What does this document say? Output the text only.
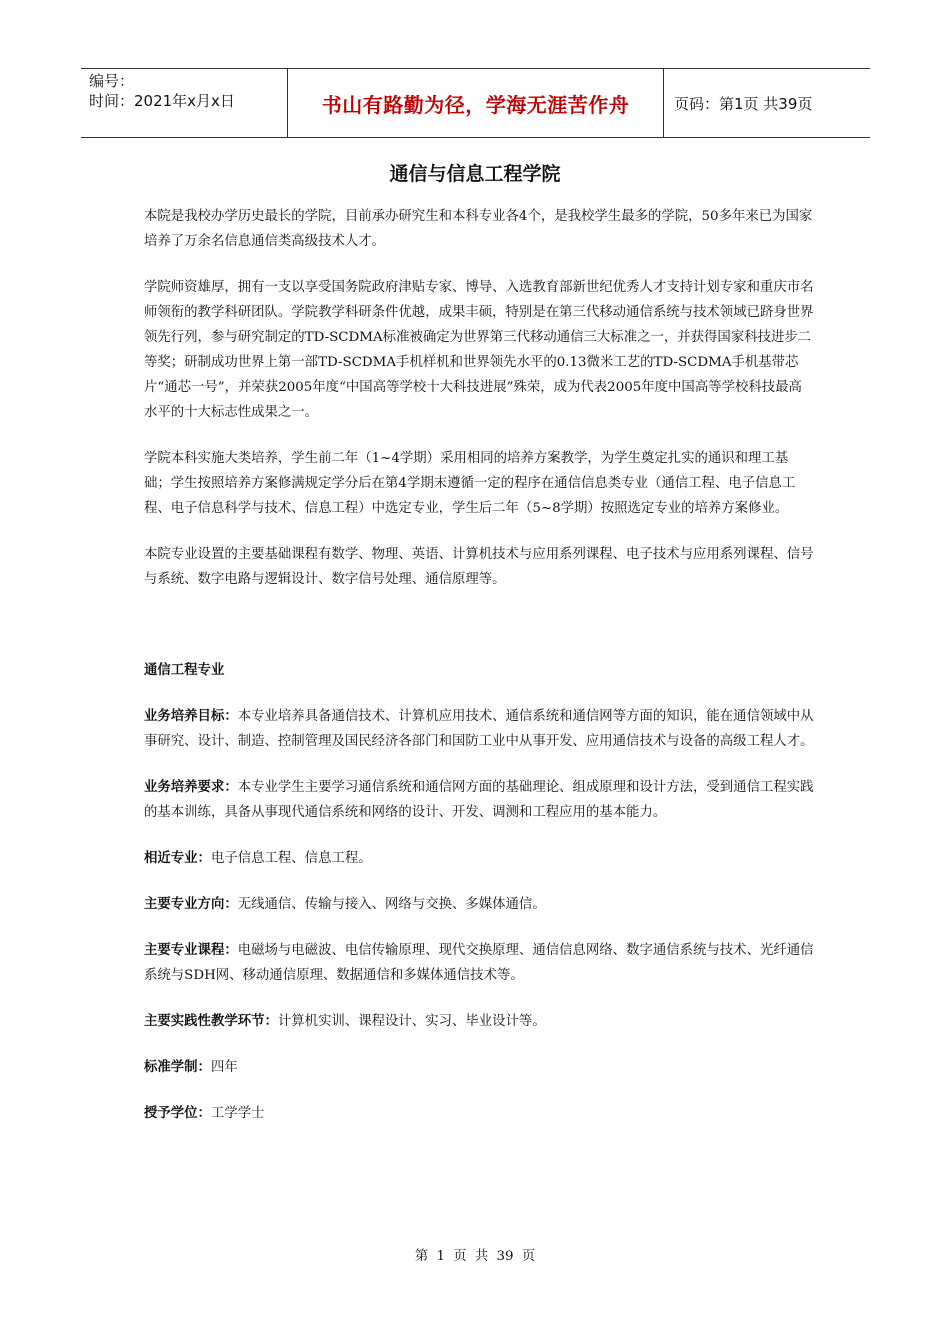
编号：
时间：2021年x月x日	书山有路勤为径，学海无涯苦作舟	页码：第1页 共39页
通信与信息工程学院

本院是我校办学历史最长的学院，目前承办研究生和本科专业各4个，是我校学生最多的学院，50多年来已为国家培养了万余名信息通信类高级技术人才。

学院师资雄厚，拥有一支以享受国务院政府津贴专家、博导、入选教育部新世纪优秀人才支持计划专家和重庆市名师领衔的教学科研团队。学院教学科研条件优越，成果丰硕，特别是在第三代移动通信系统与技术领域已跻身世界领先行列，参与研究制定的TD-SCDMA标准被确定为世界第三代移动通信三大标准之一，并获得国家科技进步二等奖；研制成功世界上第一部TD-SCDMA手机样机和世界领先水平的0.13微米工艺的TD-SCDMA手机基带芯片“通芯一号”，并荣获2005年度“中国高等学校十大科技进展”殊荣，成为代表2005年度中国高等学校科技最高水平的十大标志性成果之一。

学院本科实施大类培养，学生前二年（1~4学期）采用相同的培养方案教学，为学生奠定扎实的通识和理工基础；学生按照培养方案修满规定学分后在第4学期末遵循一定的程序在通信信息类专业（通信工程、电子信息工程、电子信息科学与技术、信息工程）中选定专业，学生后二年（5~8学期）按照选定专业的培养方案修业。

本院专业设置的主要基础课程有数学、物理、英语、计算机技术与应用系列课程、电子技术与应用系列课程、信号与系统、数字电路与逻辑设计、数字信号处理、通信原理等。

通信工程专业

业务培养目标：本专业培养具备通信技术、计算机应用技术、通信系统和通信网等方面的知识，能在通信领域中从事研究、设计、制造、控制管理及国民经济各部门和国防工业中从事开发、应用通信技术与设备的高级工程人才。

业务培养要求：本专业学生主要学习通信系统和通信网方面的基础理论、组成原理和设计方法，受到通信工程实践的基本训练，具备从事现代通信系统和网络的设计、开发、调测和工程应用的基本能力。

相近专业：电子信息工程、信息工程。

主要专业方向：无线通信、传输与接入、网络与交换、多媒体通信。

主要专业课程：电磁场与电磁波、电信传输原理、现代交换原理、通信信息网络、数字通信系统与技术、光纤通信系统与SDH网、移动通信原理、数据通信和多媒体通信技术等。

主要实践性教学环节：计算机实训、课程设计、实习、毕业设计等。

标准学制：四年

授予学位：工学学士

第 1 页 共 39 页
